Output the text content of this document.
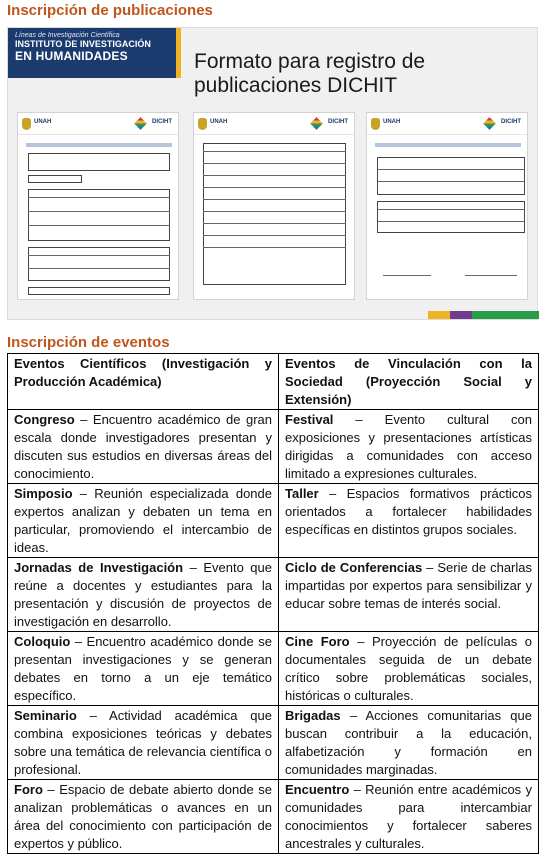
Inscripción de publicaciones
Líneas de Investigación Científica
INSTITUTO DE INVESTIGACIÓN
EN HUMANIDADES	Formato para registro de
publicaciones DICHIT
UNAH	DICIHT	UNAH	DICIHT	UNAH	DICIHT
Inscripción de eventos
Eventos Científicos (Investigación y Producción Académica)	Eventos de Vinculación con la Sociedad (Proyección Social y Extensión)
Congreso – Encuentro académico de gran escala donde investigadores presentan y discuten sus estudios en diversas áreas del conocimiento.	Festival – Evento cultural con exposiciones y presentaciones artísticas dirigidas a comunidades con acceso limitado a expresiones culturales.
Simposio – Reunión especializada donde expertos analizan y debaten un tema en particular, promoviendo el intercambio de ideas.	Taller – Espacios formativos prácticos orientados a fortalecer habilidades específicas en distintos grupos sociales.
Jornadas de Investigación – Evento que reúne a docentes y estudiantes para la presentación y discusión de proyectos de investigación en desarrollo.	Ciclo de Conferencias – Serie de charlas impartidas por expertos para sensibilizar y educar sobre temas de interés social.
Coloquio – Encuentro académico donde se presentan investigaciones y se generan debates en torno a un eje temático específico.	Cine Foro – Proyección de películas o documentales seguida de un debate crítico sobre problemáticas sociales, históricas o culturales.
Seminario – Actividad académica que combina exposiciones teóricas y debates sobre una temática de relevancia científica o profesional.	Brigadas – Acciones comunitarias que buscan contribuir a la educación, alfabetización y formación en comunidades marginadas.
Foro – Espacio de debate abierto donde se analizan problemáticas o avances en un área del conocimiento con participación de expertos y público.	Encuentro – Reunión entre académicos y comunidades para intercambiar conocimientos y fortalecer saberes ancestrales y culturales.
